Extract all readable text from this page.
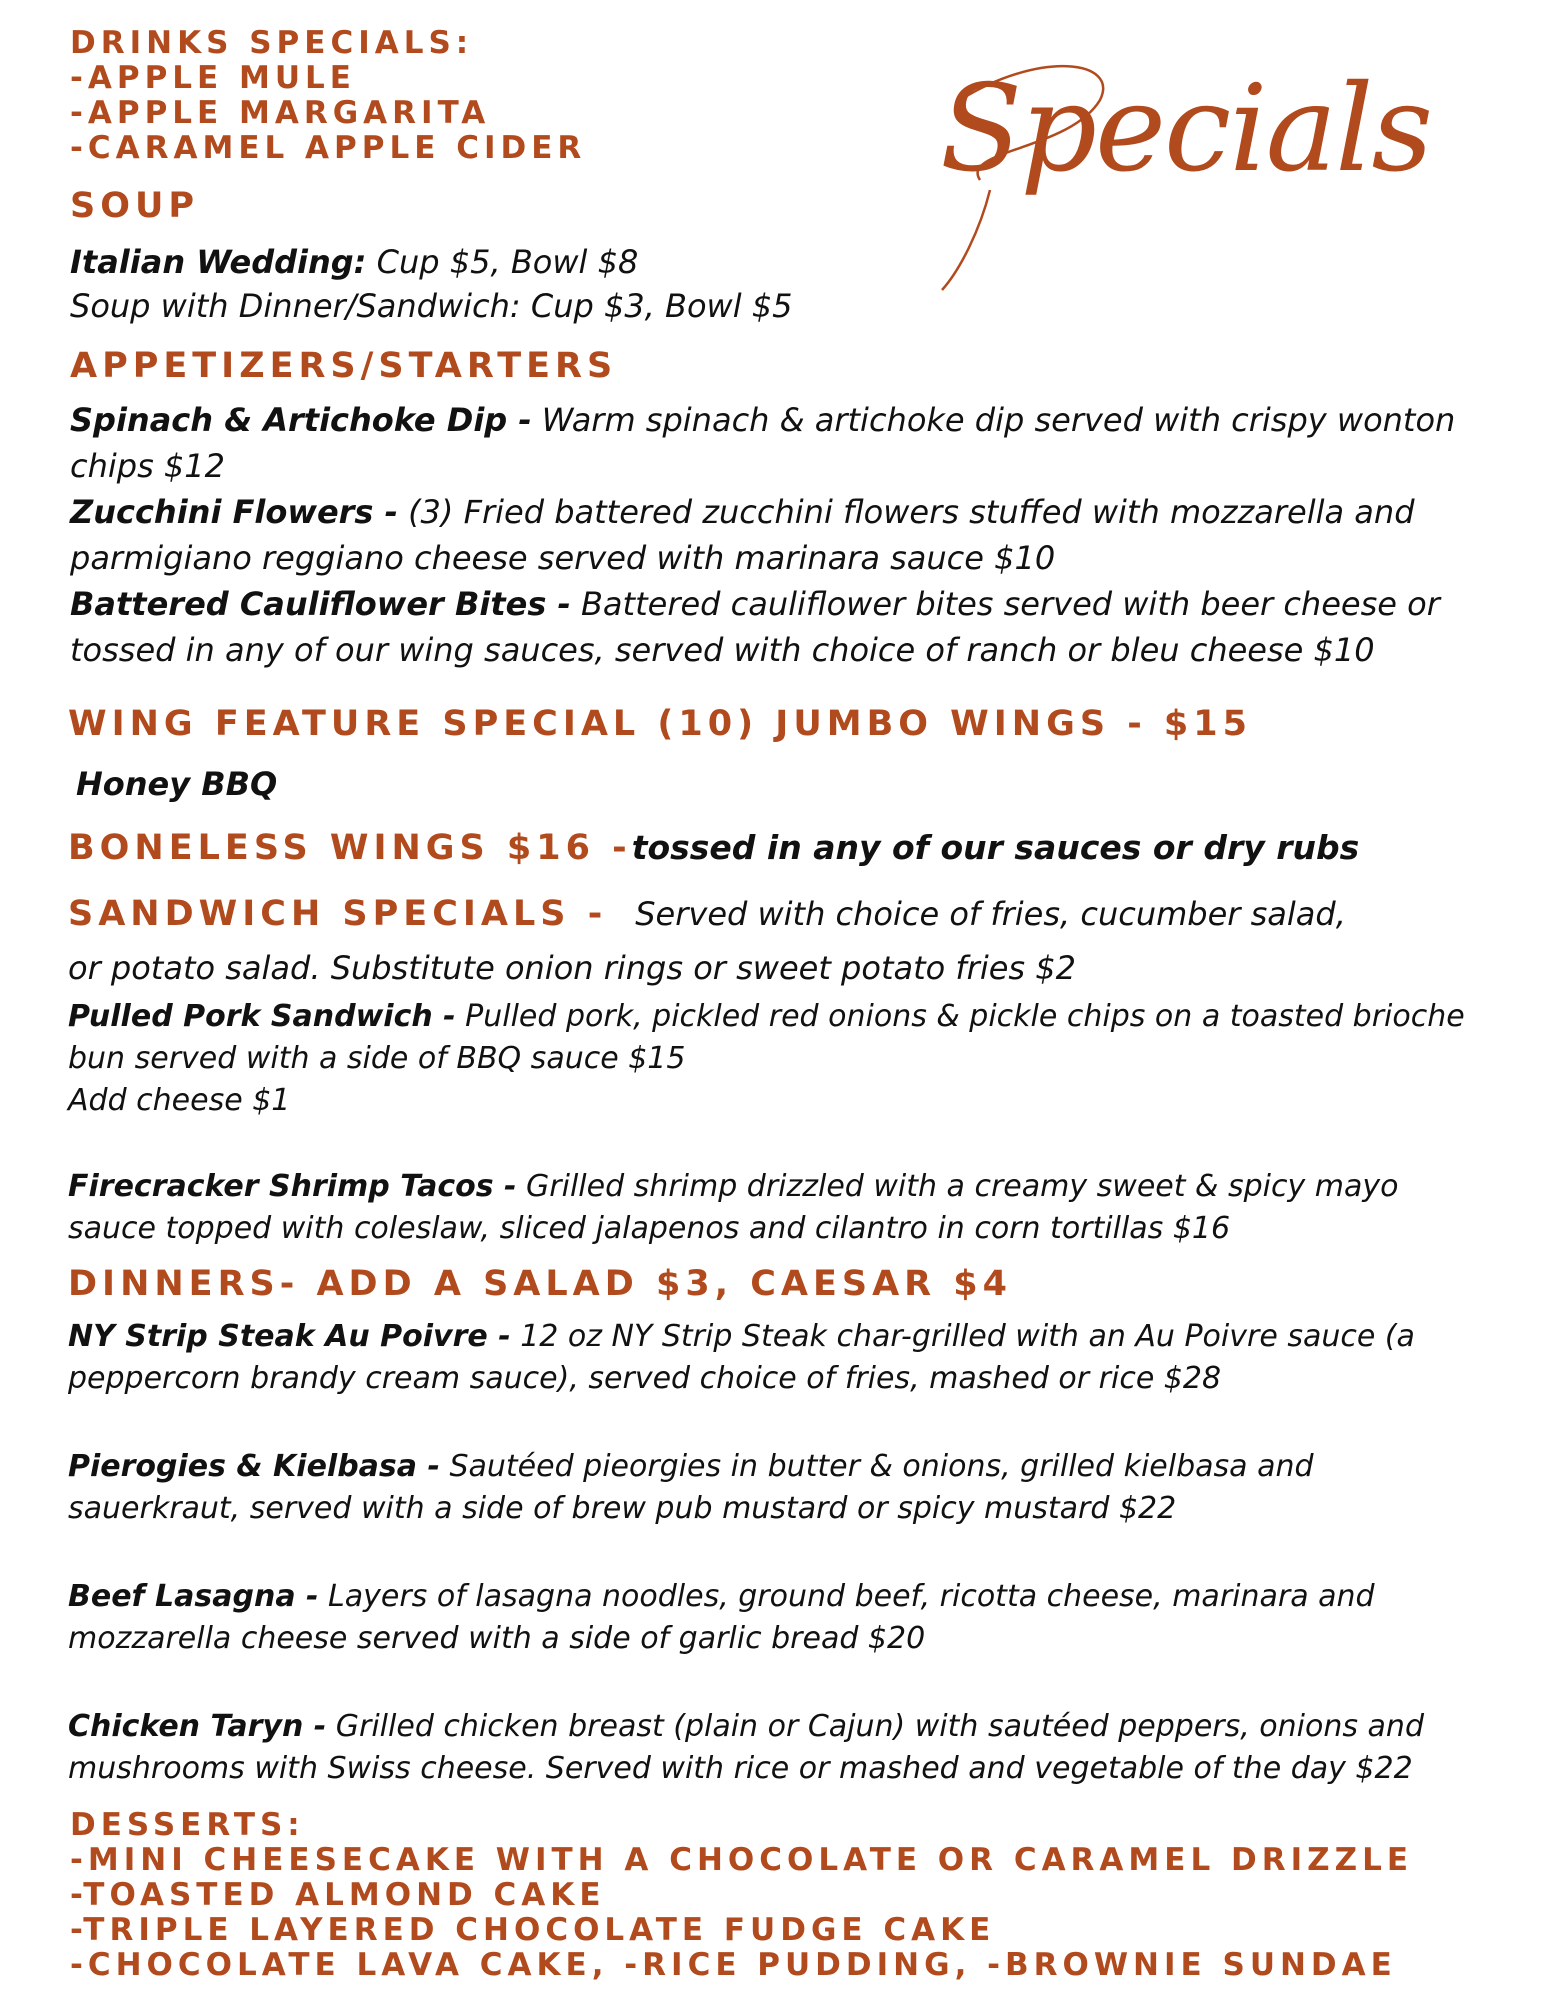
DRINKS SPECIALS:
-APPLE MULE
-APPLE MARGARITA
-CARAMEL APPLE CIDER	Specials
SOUP
Italian Wedding: Cup $5, Bowl $8
Soup with Dinner/Sandwich: Cup $3, Bowl $5
APPETIZERS/STARTERS
Spinach & Artichoke Dip - Warm spinach & artichoke dip served with crispy wonton
chips $12
Zucchini Flowers - (3) Fried battered zucchini flowers stuffed with mozzarella and
parmigiano reggiano cheese served with marinara sauce $10
Battered Cauliflower Bites - Battered cauliflower bites served with beer cheese or
tossed in any of our wing sauces, served with choice of ranch or bleu cheese $10
WING FEATURE SPECIAL (10) JUMBO WINGS - $15
Honey BBQ
BONELESS WINGS $16 -tossed in any of our sauces or dry rubs
SANDWICH SPECIALS - Served with choice of fries, cucumber salad,
or potato salad. Substitute onion rings or sweet potato fries $2
Pulled Pork Sandwich - Pulled pork, pickled red onions & pickle chips on a toasted brioche
bun served with a side of BBQ sauce $15
Add cheese $1
Firecracker Shrimp Tacos - Grilled shrimp drizzled with a creamy sweet & spicy mayo
sauce topped with coleslaw, sliced jalapenos and cilantro in corn tortillas $16
DINNERS- ADD A SALAD $3, CAESAR $4
NY Strip Steak Au Poivre - 12 oz NY Strip Steak char-grilled with an Au Poivre sauce (a
peppercorn brandy cream sauce), served choice of fries, mashed or rice $28
Pierogies & Kielbasa - Sautéed pieorgies in butter & onions, grilled kielbasa and
sauerkraut, served with a side of brew pub mustard or spicy mustard $22
Beef Lasagna - Layers of lasagna noodles, ground beef, ricotta cheese, marinara and
mozzarella cheese served with a side of garlic bread $20
Chicken Taryn - Grilled chicken breast (plain or Cajun) with sautéed peppers, onions and
mushrooms with Swiss cheese. Served with rice or mashed and vegetable of the day $22
DESSERTS:
-MINI CHEESECAKE WITH A CHOCOLATE OR CARAMEL DRIZZLE
-TOASTED ALMOND CAKE
-TRIPLE LAYERED CHOCOLATE FUDGE CAKE
-CHOCOLATE LAVA CAKE, -RICE PUDDING, -BROWNIE SUNDAE
